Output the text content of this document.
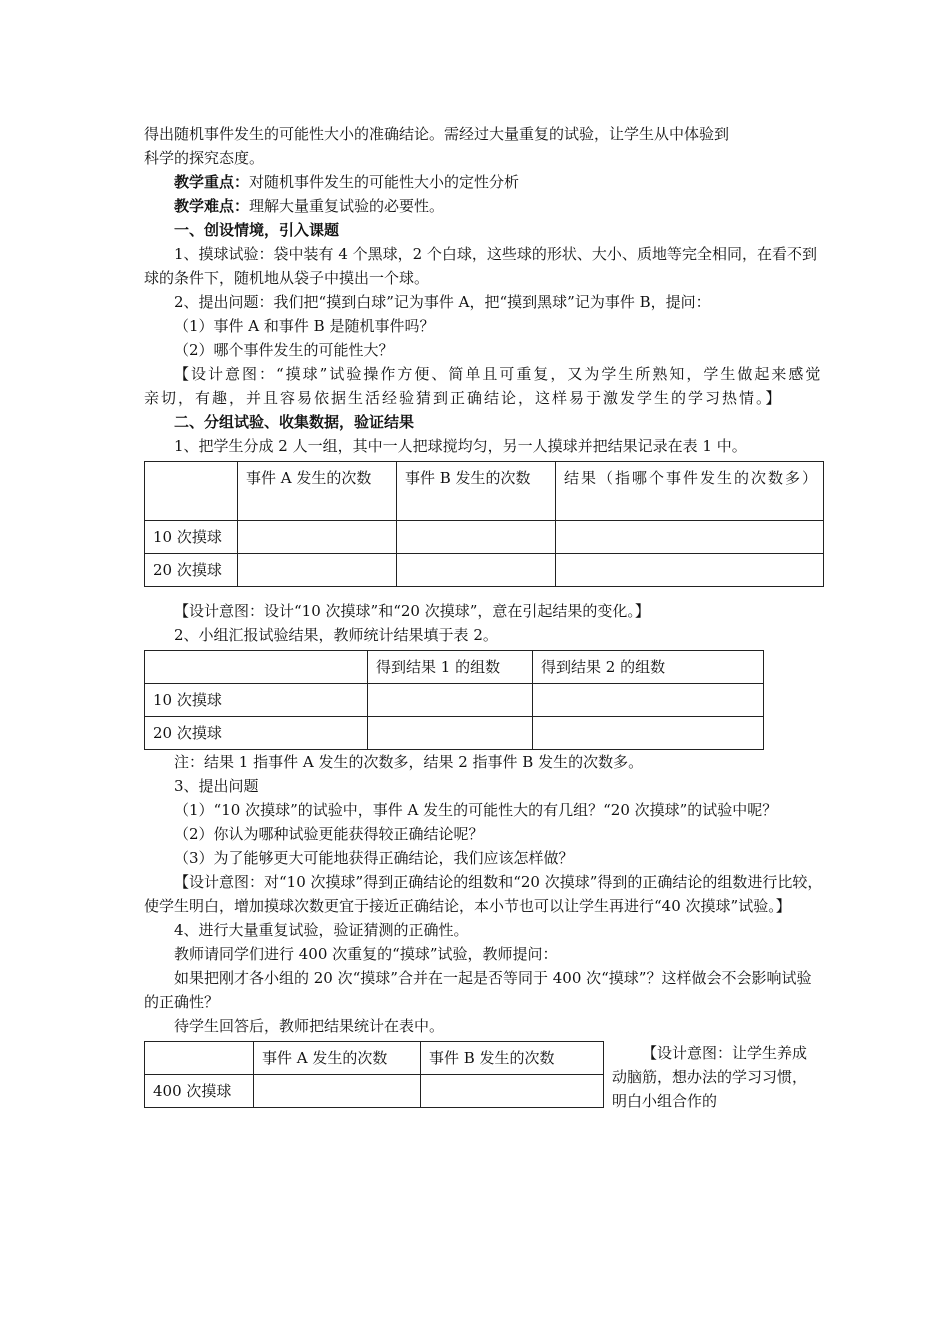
得出随机事件发生的可能性大小的准确结论。需经过大量重复的试验，让学生从中体验到

科学的探究态度。

教学重点：对随机事件发生的可能性大小的定性分析

教学难点：理解大量重复试验的必要性。

一、创设情境，引入课题

1、摸球试验：袋中装有 4 个黑球，2 个白球，这些球的形状、大小、质地等完全相同，在看不到球的条件下，随机地从袋子中摸出一个球。

2、提出问题：我们把“摸到白球”记为事件 A，把“摸到黑球”记为事件 B，提问：

（1）事件 A 和事件 B 是随机事件吗？

（2）哪个事件发生的可能性大？

【设计意图：“摸球”试验操作方便、简单且可重复，又为学生所熟知，学生做起来感觉亲切，有趣，并且容易依据生活经验猜到正确结论，这样易于激发学生的学习热情。】

二、分组试验、收集数据，验证结果

1、把学生分成 2 人一组，其中一人把球搅均匀，另一人摸球并把结果记录在表 1 中。

	事件 A 发生的次数	事件 B 发生的次数	结果（指哪个事件发生的次数多）
10 次摸球			
20 次摸球			

【设计意图：设计“10 次摸球”和“20 次摸球”，意在引起结果的变化。】

2、小组汇报试验结果，教师统计结果填于表 2。

	得到结果 1 的组数	得到结果 2 的组数
10 次摸球		
20 次摸球		

注：结果 1 指事件 A 发生的次数多，结果 2 指事件 B 发生的次数多。

3、提出问题

（1）“10 次摸球”的试验中，事件 A 发生的可能性大的有几组？“20 次摸球”的试验中呢？

（2）你认为哪种试验更能获得较正确结论呢？

（3）为了能够更大可能地获得正确结论，我们应该怎样做？

【设计意图：对“10 次摸球”得到正确结论的组数和“20 次摸球”得到的正确结论的组数进行比较，使学生明白，增加摸球次数更宜于接近正确结论，本小节也可以让学生再进行“40 次摸球”试验。】

4、进行大量重复试验，验证猜测的正确性。

教师请同学们进行 400 次重复的“摸球”试验，教师提问：

如果把刚才各小组的 20 次“摸球”合并在一起是否等同于 400 次“摸球”？这样做会不会影响试验的正确性？

待学生回答后，教师把结果统计在表中。

	事件 A 发生的次数	事件 B 发生的次数
400 次摸球		

【设计意图：让学生养成动脑筋，想办法的学习习惯，明白小组合作的
